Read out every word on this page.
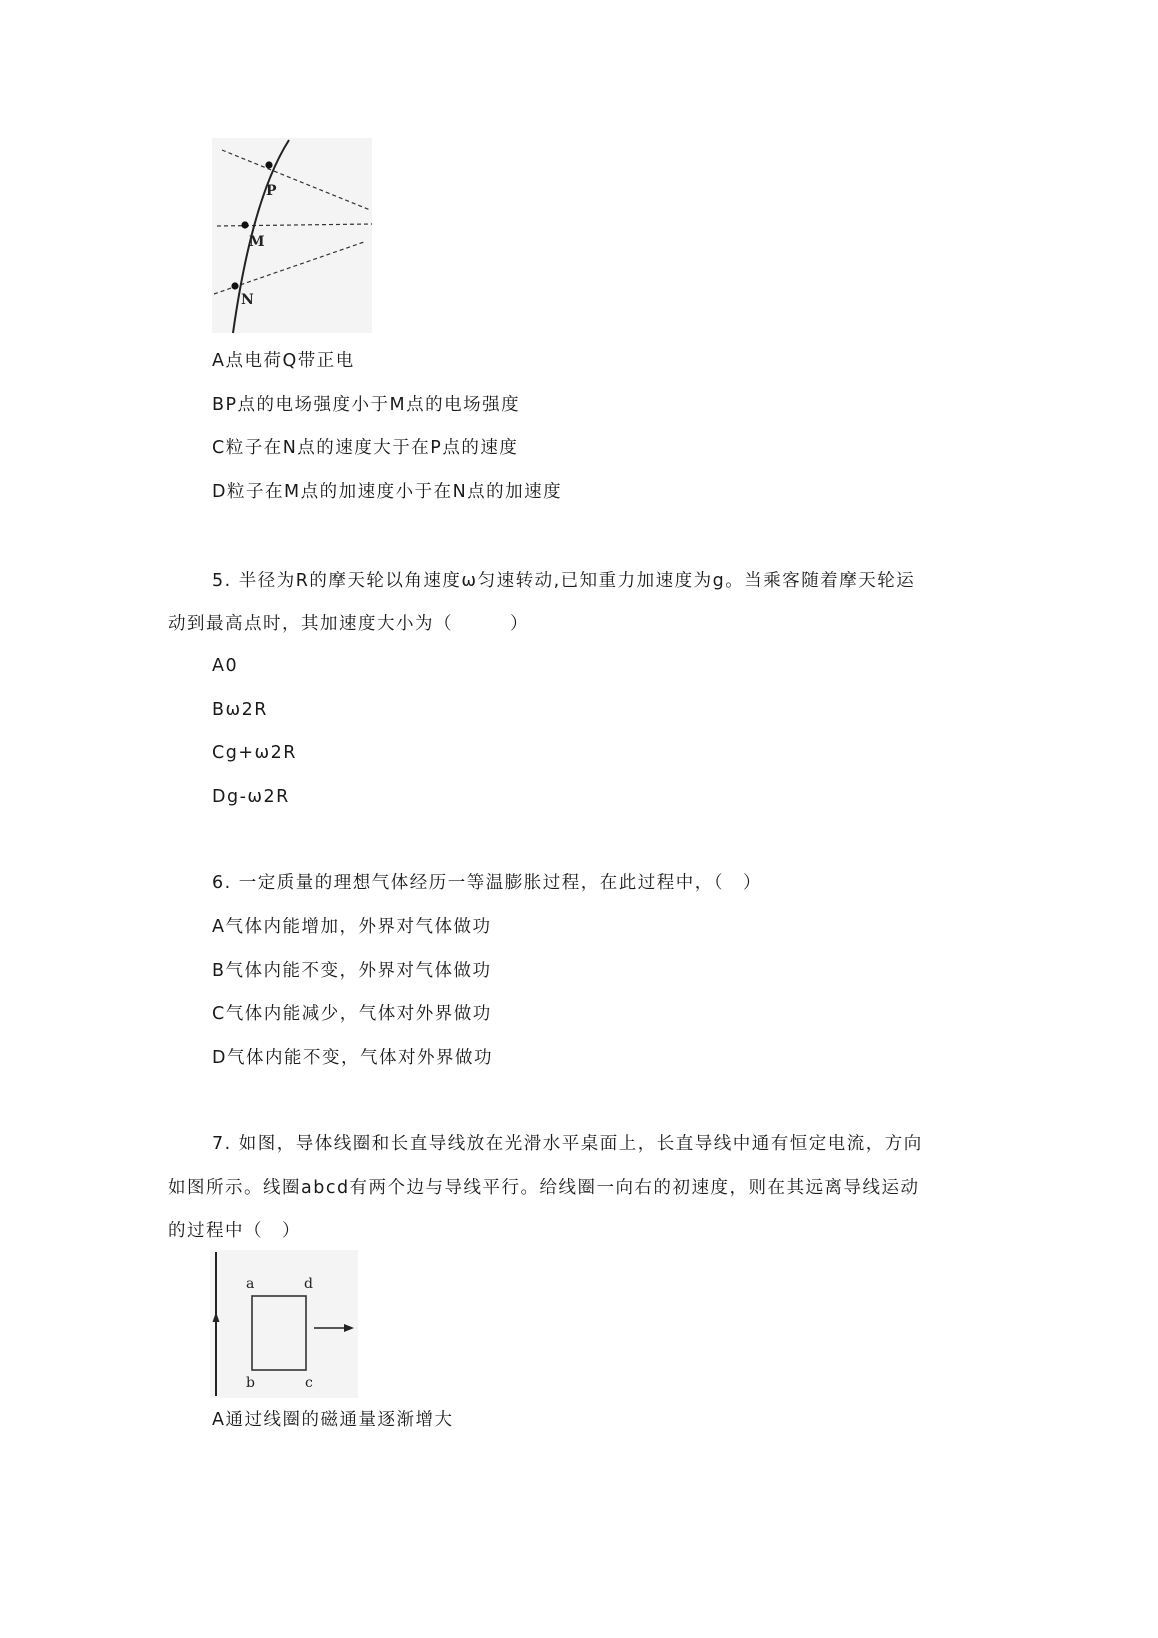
P
M
N
A点电荷Q带正电
BP点的电场强度小于M点的电场强度
C粒子在N点的速度大于在P点的速度
D粒子在M点的加速度小于在N点的加速度
5. 半径为R的摩天轮以角速度ω匀速转动,已知重力加速度为g。当乘客随着摩天轮运
动到最高点时，其加速度大小为（　　　）
A0
Bω2R
Cg+ω2R
Dg-ω2R
6. 一定质量的理想气体经历一等温膨胀过程，在此过程中，（　）
A气体内能增加，外界对气体做功
B气体内能不变，外界对气体做功
C气体内能减少，气体对外界做功
D气体内能不变，气体对外界做功
7. 如图，导体线圈和长直导线放在光滑水平桌面上，长直导线中通有恒定电流，方向
如图所示。线圈abcd有两个边与导线平行。给线圈一向右的初速度，则在其远离导线运动
的过程中（　）
a	d
b	c
A通过线圈的磁通量逐渐增大
